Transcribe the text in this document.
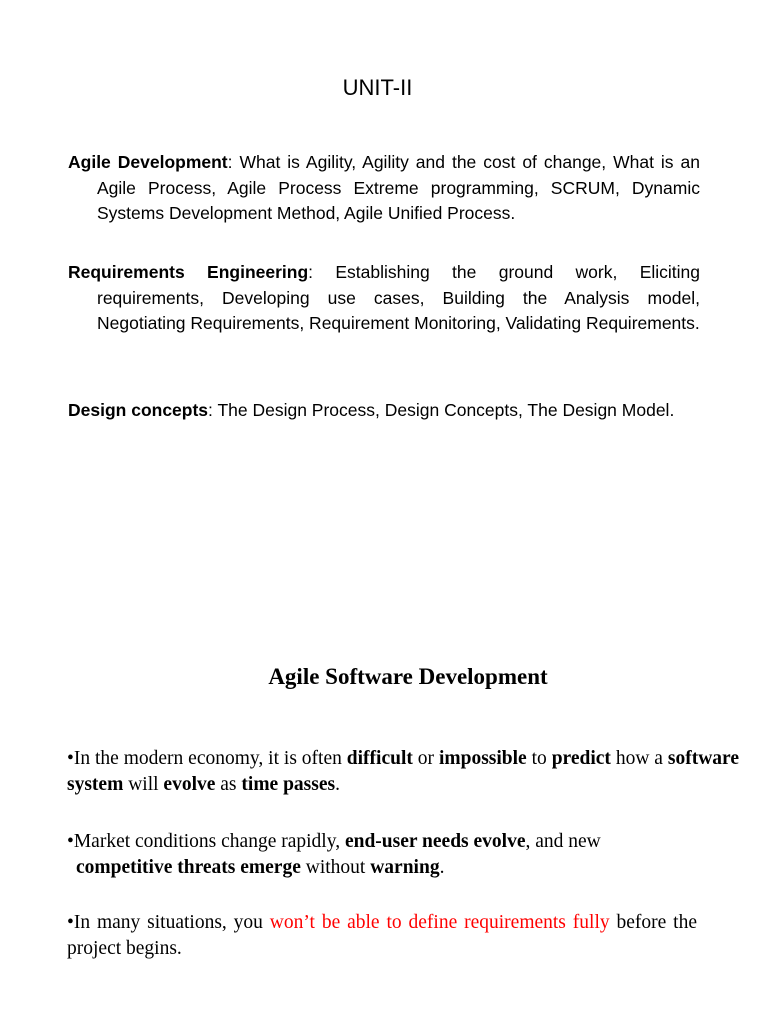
UNIT-II

Agile Development: What is Agility, Agility and the cost of change, What is an Agile Process, Agile Process Extreme programming, SCRUM, Dynamic Systems Development Method, Agile Unified Process.

Requirements Engineering: Establishing the ground work, Eliciting requirements, Developing use cases, Building the Analysis model, Negotiating Requirements, Requirement Monitoring, Validating Requirements.

Design concepts: The Design Process, Design Concepts, The Design Model.

Agile Software Development

•In the modern economy, it is often difficult or impossible to predict how a software system will evolve as time passes.

•Market conditions change rapidly, end-user needs evolve, and new
competitive threats emerge without warning.

•In many situations, you won’t be able to define requirements fully before the project begins.
